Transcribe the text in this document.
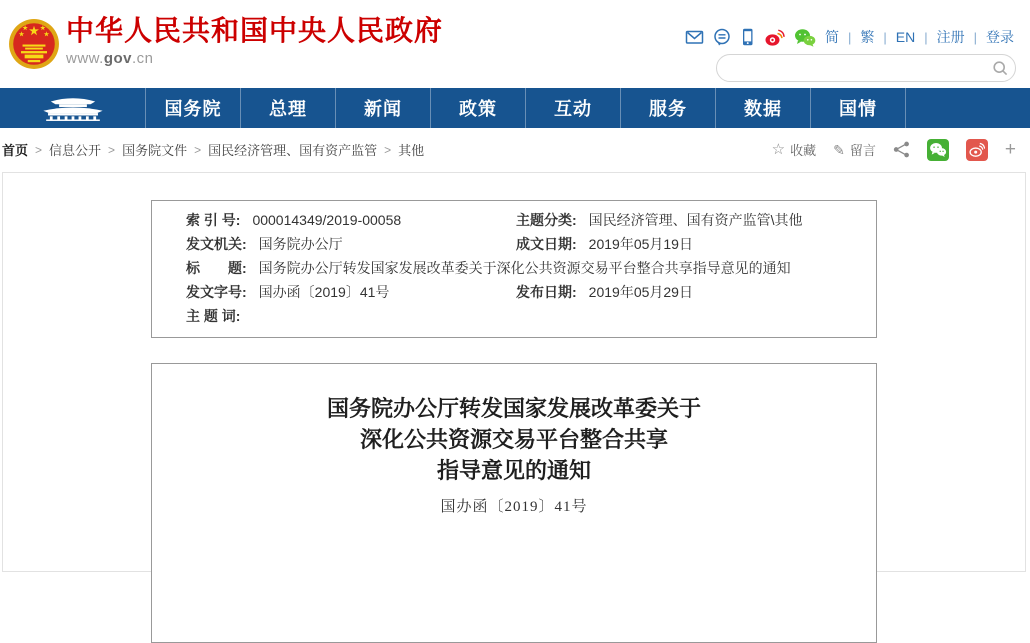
中华人民共和国中央人民政府
www.gov.cn
简 | 繁 | EN | 注册 | 登录
国务院	总理	新闻	政策	互动	服务	数据	国情
首页 > 信息公开 > 国务院文件 > 国民经济管理、国有资产监管 > 其他	☆ 收藏 ✎ 留言	+
索 引 号: 000014349/2019-00058	主题分类: 国民经济管理、国有资产监管\其他
发文机关: 国务院办公厅	成文日期: 2019年05月19日
标　　题: 国务院办公厅转发国家发展改革委关于深化公共资源交易平台整合共享指导意见的通知
发文字号: 国办函〔2019〕41号	发布日期: 2019年05月29日
主 题 词:
国务院办公厅转发国家发展改革委关于
深化公共资源交易平台整合共享
指导意见的通知
国办函〔2019〕41号
